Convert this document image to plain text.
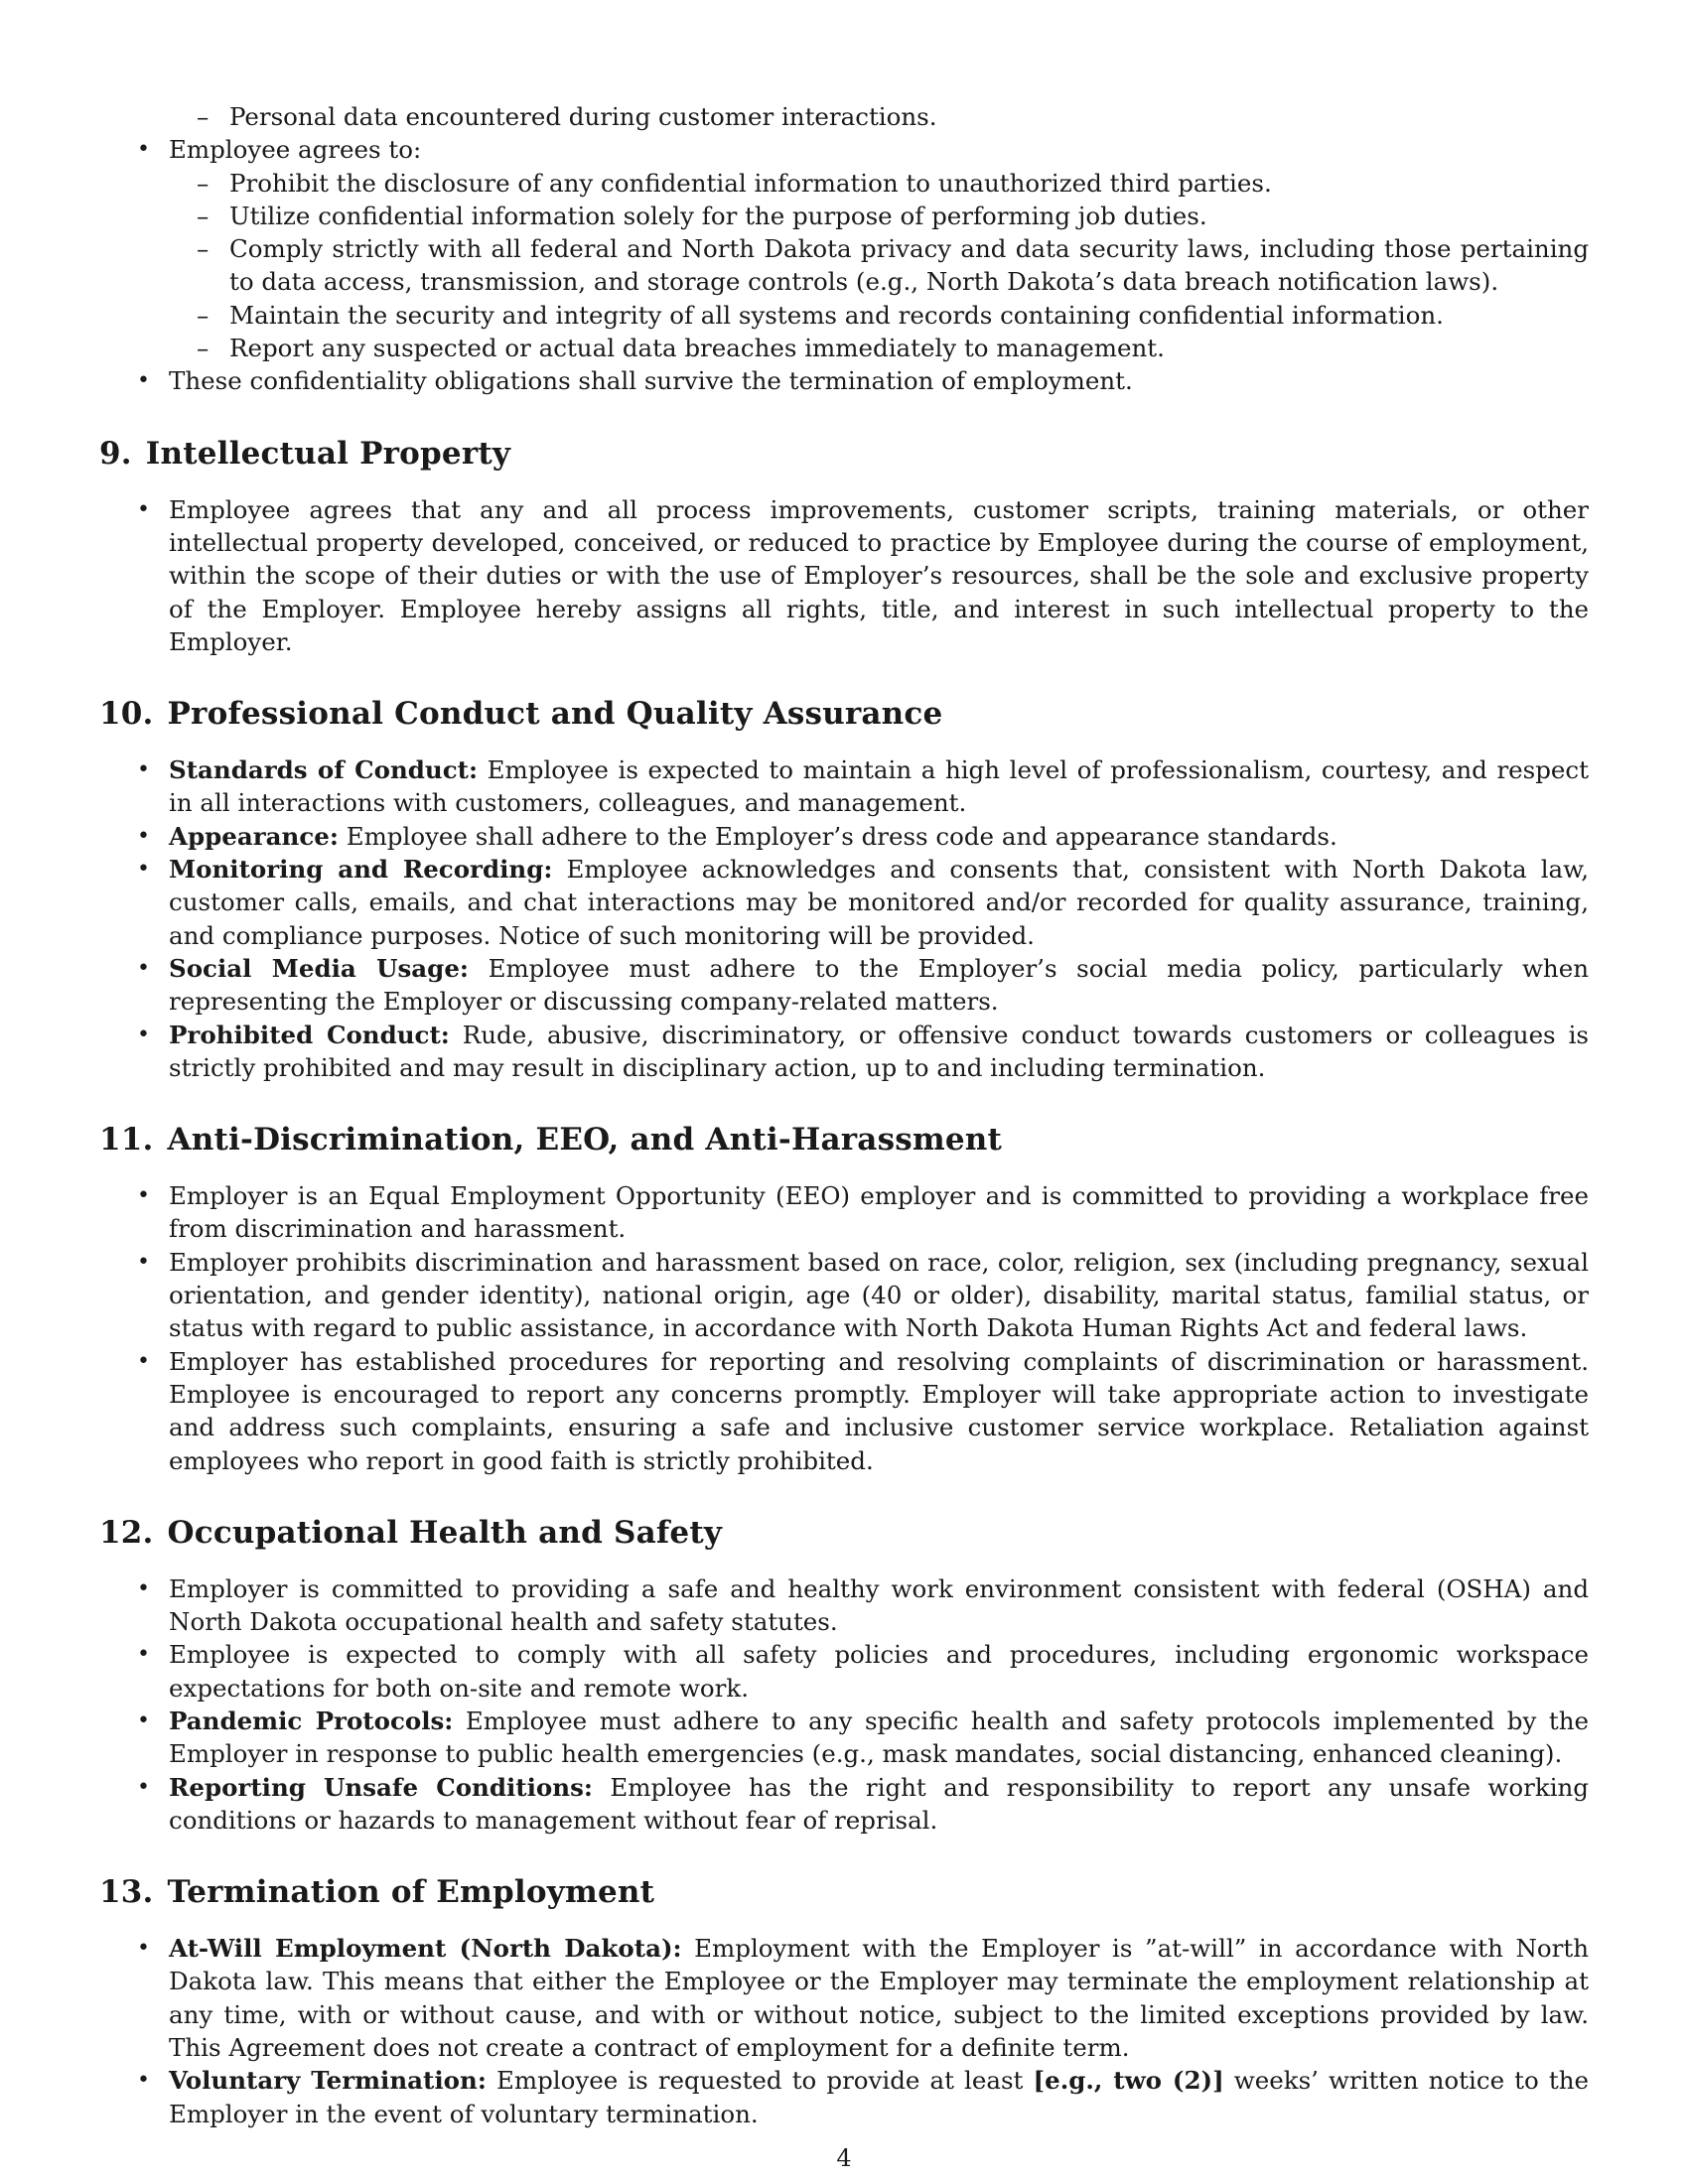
– Personal data encountered during customer interactions.
• Employee agrees to:
– Prohibit the disclosure of any confidential information to unauthorized third parties.
– Utilize confidential information solely for the purpose of performing job duties.
– Comply strictly with all federal and North Dakota privacy and data security laws, including those pertaining to data access, transmission, and storage controls (e.g., North Dakota’s data breach notification laws).
– Maintain the security and integrity of all systems and records containing confidential information.
– Report any suspected or actual data breaches immediately to management.
• These confidentiality obligations shall survive the termination of employment.
9. Intellectual Property
• Employee agrees that any and all process improvements, customer scripts, training materials, or other intellectual property developed, conceived, or reduced to practice by Employee during the course of employment, within the scope of their duties or with the use of Employer’s resources, shall be the sole and exclusive property of the Employer. Employee hereby assigns all rights, title, and interest in such intellectual property to the Employer.
10. Professional Conduct and Quality Assurance
• Standards of Conduct: Employee is expected to maintain a high level of professionalism, courtesy, and respect in all interactions with customers, colleagues, and management.
• Appearance: Employee shall adhere to the Employer’s dress code and appearance standards.
• Monitoring and Recording: Employee acknowledges and consents that, consistent with North Dakota law, customer calls, emails, and chat interactions may be monitored and/or recorded for quality assurance, training, and compliance purposes. Notice of such monitoring will be provided.
• Social Media Usage: Employee must adhere to the Employer’s social media policy, particularly when representing the Employer or discussing company-related matters.
• Prohibited Conduct: Rude, abusive, discriminatory, or offensive conduct towards customers or colleagues is strictly prohibited and may result in disciplinary action, up to and including termination.
11. Anti-Discrimination, EEO, and Anti-Harassment
• Employer is an Equal Employment Opportunity (EEO) employer and is committed to providing a workplace free from discrimination and harassment.
• Employer prohibits discrimination and harassment based on race, color, religion, sex (including pregnancy, sexual orientation, and gender identity), national origin, age (40 or older), disability, marital status, familial status, or status with regard to public assistance, in accordance with North Dakota Human Rights Act and federal laws.
• Employer has established procedures for reporting and resolving complaints of discrimination or harassment. Employee is encouraged to report any concerns promptly. Employer will take appropriate action to investigate and address such complaints, ensuring a safe and inclusive customer service workplace. Retaliation against employees who report in good faith is strictly prohibited.
12. Occupational Health and Safety
• Employer is committed to providing a safe and healthy work environment consistent with federal (OSHA) and North Dakota occupational health and safety statutes.
• Employee is expected to comply with all safety policies and procedures, including ergonomic workspace expectations for both on-site and remote work.
• Pandemic Protocols: Employee must adhere to any specific health and safety protocols implemented by the Employer in response to public health emergencies (e.g., mask mandates, social distancing, enhanced cleaning).
• Reporting Unsafe Conditions: Employee has the right and responsibility to report any unsafe working conditions or hazards to management without fear of reprisal.
13. Termination of Employment
• At-Will Employment (North Dakota): Employment with the Employer is ”at-will” in accordance with North Dakota law. This means that either the Employee or the Employer may terminate the employment relationship at any time, with or without cause, and with or without notice, subject to the limited exceptions provided by law. This Agreement does not create a contract of employment for a definite term.
• Voluntary Termination: Employee is requested to provide at least [e.g., two (2)] weeks’ written notice to the Employer in the event of voluntary termination.
4
